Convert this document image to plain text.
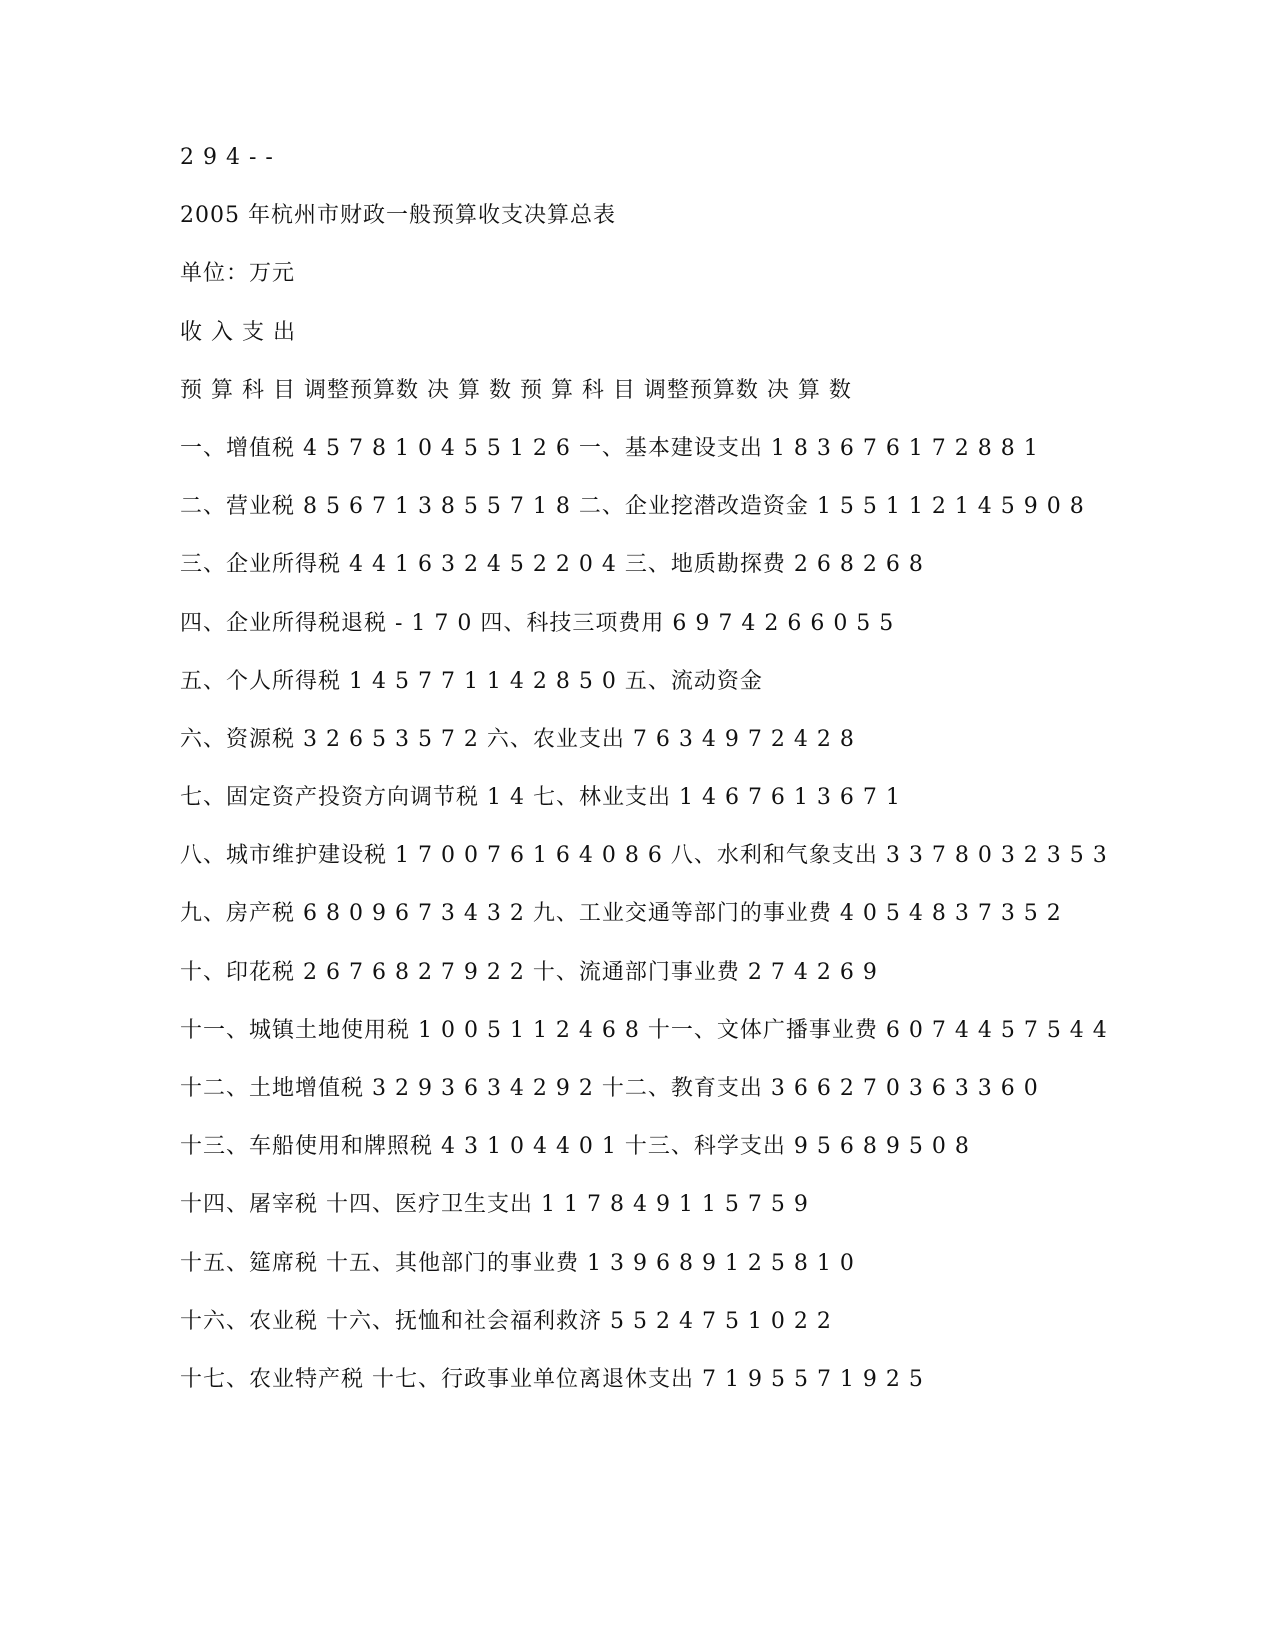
2 9 4 - -
2005 年杭州市财政一般预算收支决算总表
单位：万元
收 入 支 出
预 算 科 目 调整预算数 决 算 数 预 算 科 目 调整预算数 决 算 数
一、增值税 4 5 7 8 1 0 4 5 5 1 2 6 一、基本建设支出 1 8 3 6 7 6 1 7 2 8 8 1
二、营业税 8 5 6 7 1 3 8 5 5 7 1 8 二、企业挖潜改造资金 1 5 5 1 1 2 1 4 5 9 0 8
三、企业所得税 4 4 1 6 3 2 4 5 2 2 0 4 三、地质勘探费 2 6 8 2 6 8
四、企业所得税退税 - 1 7 0 四、科技三项费用 6 9 7 4 2 6 6 0 5 5
五、个人所得税 1 4 5 7 7 1 1 4 2 8 5 0 五、流动资金
六、资源税 3 2 6 5 3 5 7 2 六、农业支出 7 6 3 4 9 7 2 4 2 8
七、固定资产投资方向调节税 1 4 七、林业支出 1 4 6 7 6 1 3 6 7 1
八、城市维护建设税 1 7 0 0 7 6 1 6 4 0 8 6 八、水利和气象支出 3 3 7 8 0 3 2 3 5 3
九、房产税 6 8 0 9 6 7 3 4 3 2 九、工业交通等部门的事业费 4 0 5 4 8 3 7 3 5 2
十、印花税 2 6 7 6 8 2 7 9 2 2 十、流通部门事业费 2 7 4 2 6 9
十一、城镇土地使用税 1 0 0 5 1 1 2 4 6 8 十一、文体广播事业费 6 0 7 4 4 5 7 5 4 4
十二、土地增值税 3 2 9 3 6 3 4 2 9 2 十二、教育支出 3 6 6 2 7 0 3 6 3 3 6 0
十三、车船使用和牌照税 4 3 1 0 4 4 0 1 十三、科学支出 9 5 6 8 9 5 0 8
十四、屠宰税 十四、医疗卫生支出 1 1 7 8 4 9 1 1 5 7 5 9
十五、筵席税 十五、其他部门的事业费 1 3 9 6 8 9 1 2 5 8 1 0
十六、农业税 十六、抚恤和社会福利救济 5 5 2 4 7 5 1 0 2 2
十七、农业特产税 十七、行政事业单位离退休支出 7 1 9 5 5 7 1 9 2 5
